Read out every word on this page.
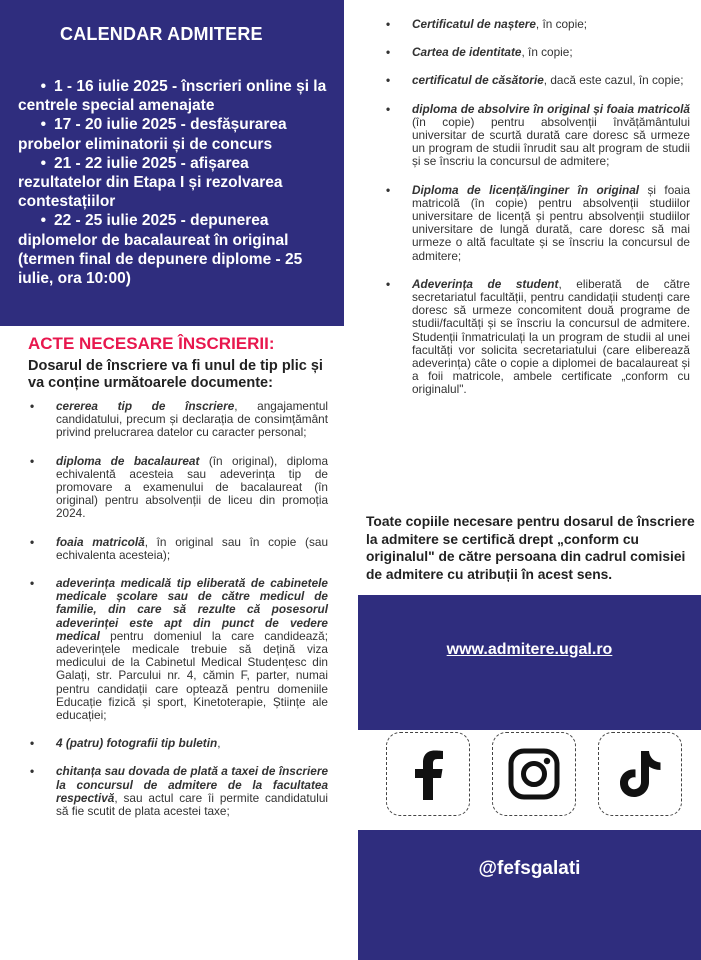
CALENDAR ADMITERE
• 1 - 16 iulie 2025 - înscrieri online și la centrele special amenajate
• 17 - 20 iulie 2025 - desfășurarea probelor eliminatorii și de concurs
• 21 - 22 iulie 2025 - afișarea rezultatelor din Etapa I și rezolvarea contestațiilor
• 22 - 25 iulie 2025 - depunerea diplomelor de bacalaureat în original (termen final de depunere diplome - 25 iulie, ora 10:00)
ACTE NECESARE ÎNSCRIERII:
Dosarul de înscriere va fi unul de tip plic și va conține următoarele documente:
• cererea tip de înscriere, angajamentul candidatului, precum și declarația de consimțământ privind prelucrarea datelor cu caracter personal;
• diploma de bacalaureat (în original), diploma echivalentă acesteia sau adeverința tip de promovare a examenului de bacalaureat (în original) pentru absolvenții de liceu din promoția 2024.
• foaia matricolă, în original sau în copie (sau echivalenta acesteia);
• adeverința medicală tip eliberată de cabinetele medicale școlare sau de către medicul de familie, din care să rezulte că posesorul adeverinței este apt din punct de vedere medical pentru domeniul la care candidează; adeverințele medicale trebuie să dețină viza medicului de la Cabinetul Medical Studențesc din Galați, str. Parcului nr. 4, cămin F, parter, numai pentru candidații care optează pentru domeniile Educație fizică și sport, Kinetoterapie, Științe ale educației;
• 4 (patru) fotografii tip buletin,
• chitanța sau dovada de plată a taxei de înscriere la concursul de admitere de la facultatea respectivă, sau actul care îi permite candidatului să fie scutit de plata acestei taxe;
• Certificatul de naștere, în copie;
• Cartea de identitate, în copie;
• certificatul de căsătorie, dacă este cazul, în copie;
• diploma de absolvire în original și foaia matricolă (în copie) pentru absolvenții învățământului universitar de scurtă durată care doresc să urmeze un program de studii înrudit sau alt program de studii și se înscriu la concursul de admitere;
• Diploma de licență/inginer în original și foaia matricolă (în copie) pentru absolvenții studiilor universitare de licență și pentru absolvenții studiilor universitare de lungă durată, care doresc să mai urmeze o altă facultate și se înscriu la concursul de admitere;
• Adeverința de student, eliberată de către secretariatul facultății, pentru candidații studenți care doresc să urmeze concomitent două programe de studii/facultăți și se înscriu la concursul de admitere. Studenții înmatriculați la un program de studii al unei facultăți vor solicita secretariatului (care eliberează adeverința) câte o copie a diplomei de bacalaureat și a foii matricole, ambele certificate „conform cu originalul".
Toate copiile necesare pentru dosarul de înscriere la admitere se certifică drept „conform cu originalul" de către persoana din cadrul comisiei de admitere cu atribuții în acest sens.
www.admitere.ugal.ro
@fefsgalati
